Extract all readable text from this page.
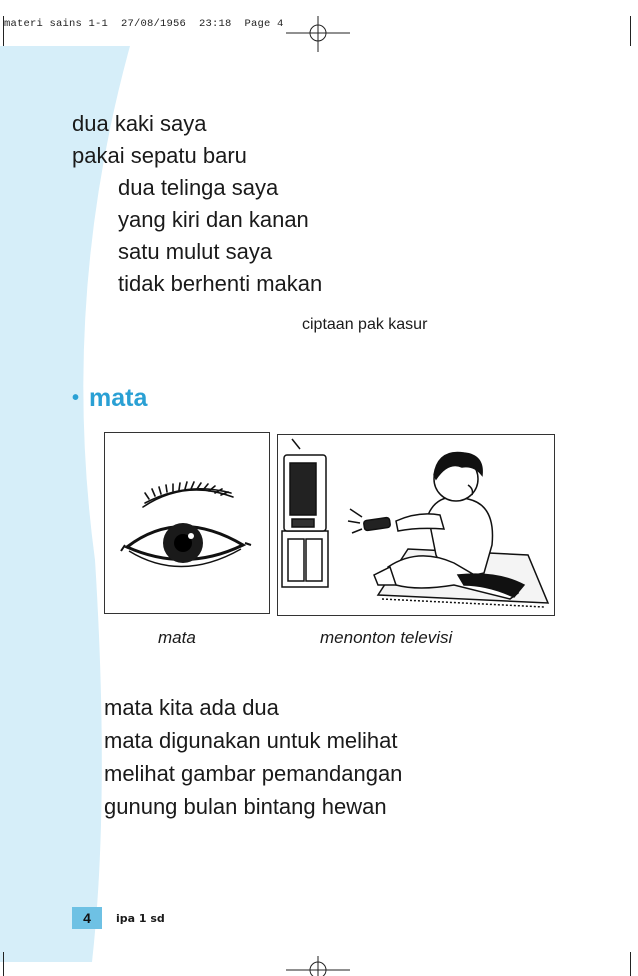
materi sains 1-1  27/08/1956  23:18  Page 4
dua kaki saya
pakai sepatu baru
dua telinga saya
yang kiri dan kanan
satu mulut saya
tidak berhenti makan
ciptaan pak kasur
• mata
mata	menonton televisi
mata kita ada dua
mata digunakan untuk melihat
melihat gambar pemandangan
gunung bulan bintang hewan
4	ipa 1 sd
